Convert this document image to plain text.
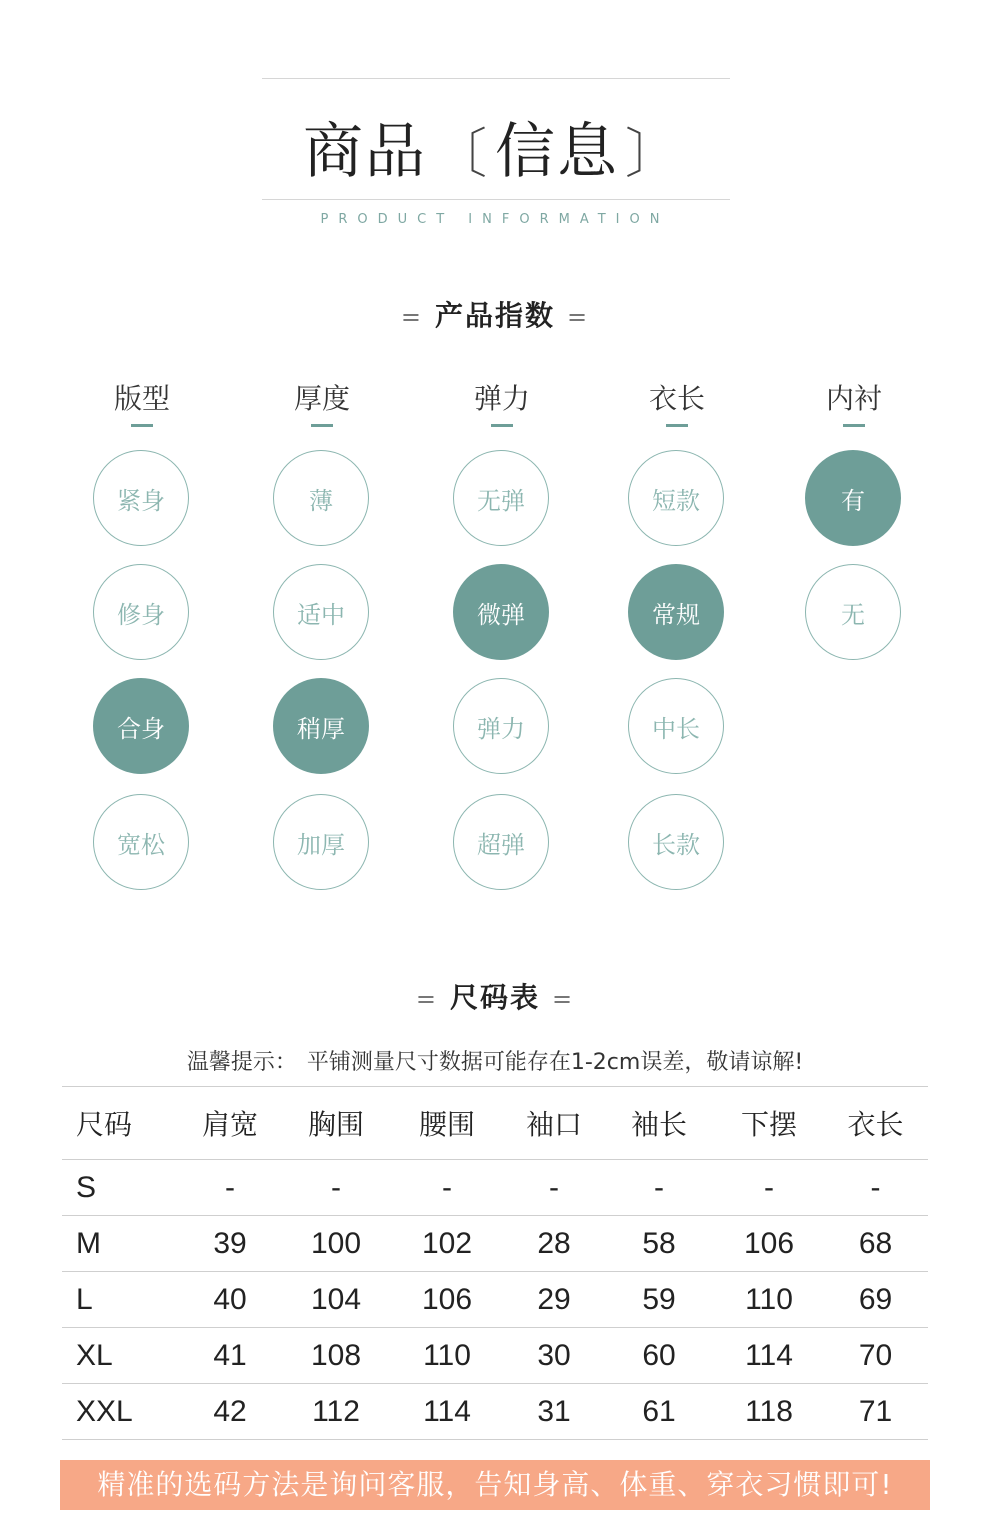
商品 〔 信息 〕
PRODUCT INFORMATION
= 产品指数 =
版型
紧身
修身
合身
宽松
厚度
薄
适中
稍厚
加厚
弹力
无弹
微弹
弹力
超弹
衣长
短款
常规
中长
长款
内衬
有
无
= 尺码表 =
温馨提示： 平铺测量尺寸数据可能存在1-2cm误差，敬请谅解!
尺码	肩宽	胸围	腰围	袖口	袖长	下摆	衣长
S	-	-	-	-	-	-	-
M	39	100	102	28	58	106	68
L	40	104	106	29	59	110	69
XL	41	108	110	30	60	114	70
XXL	42	112	114	31	61	118	71
精准的选码方法是询问客服，告知身高、体重、穿衣习惯即可!
